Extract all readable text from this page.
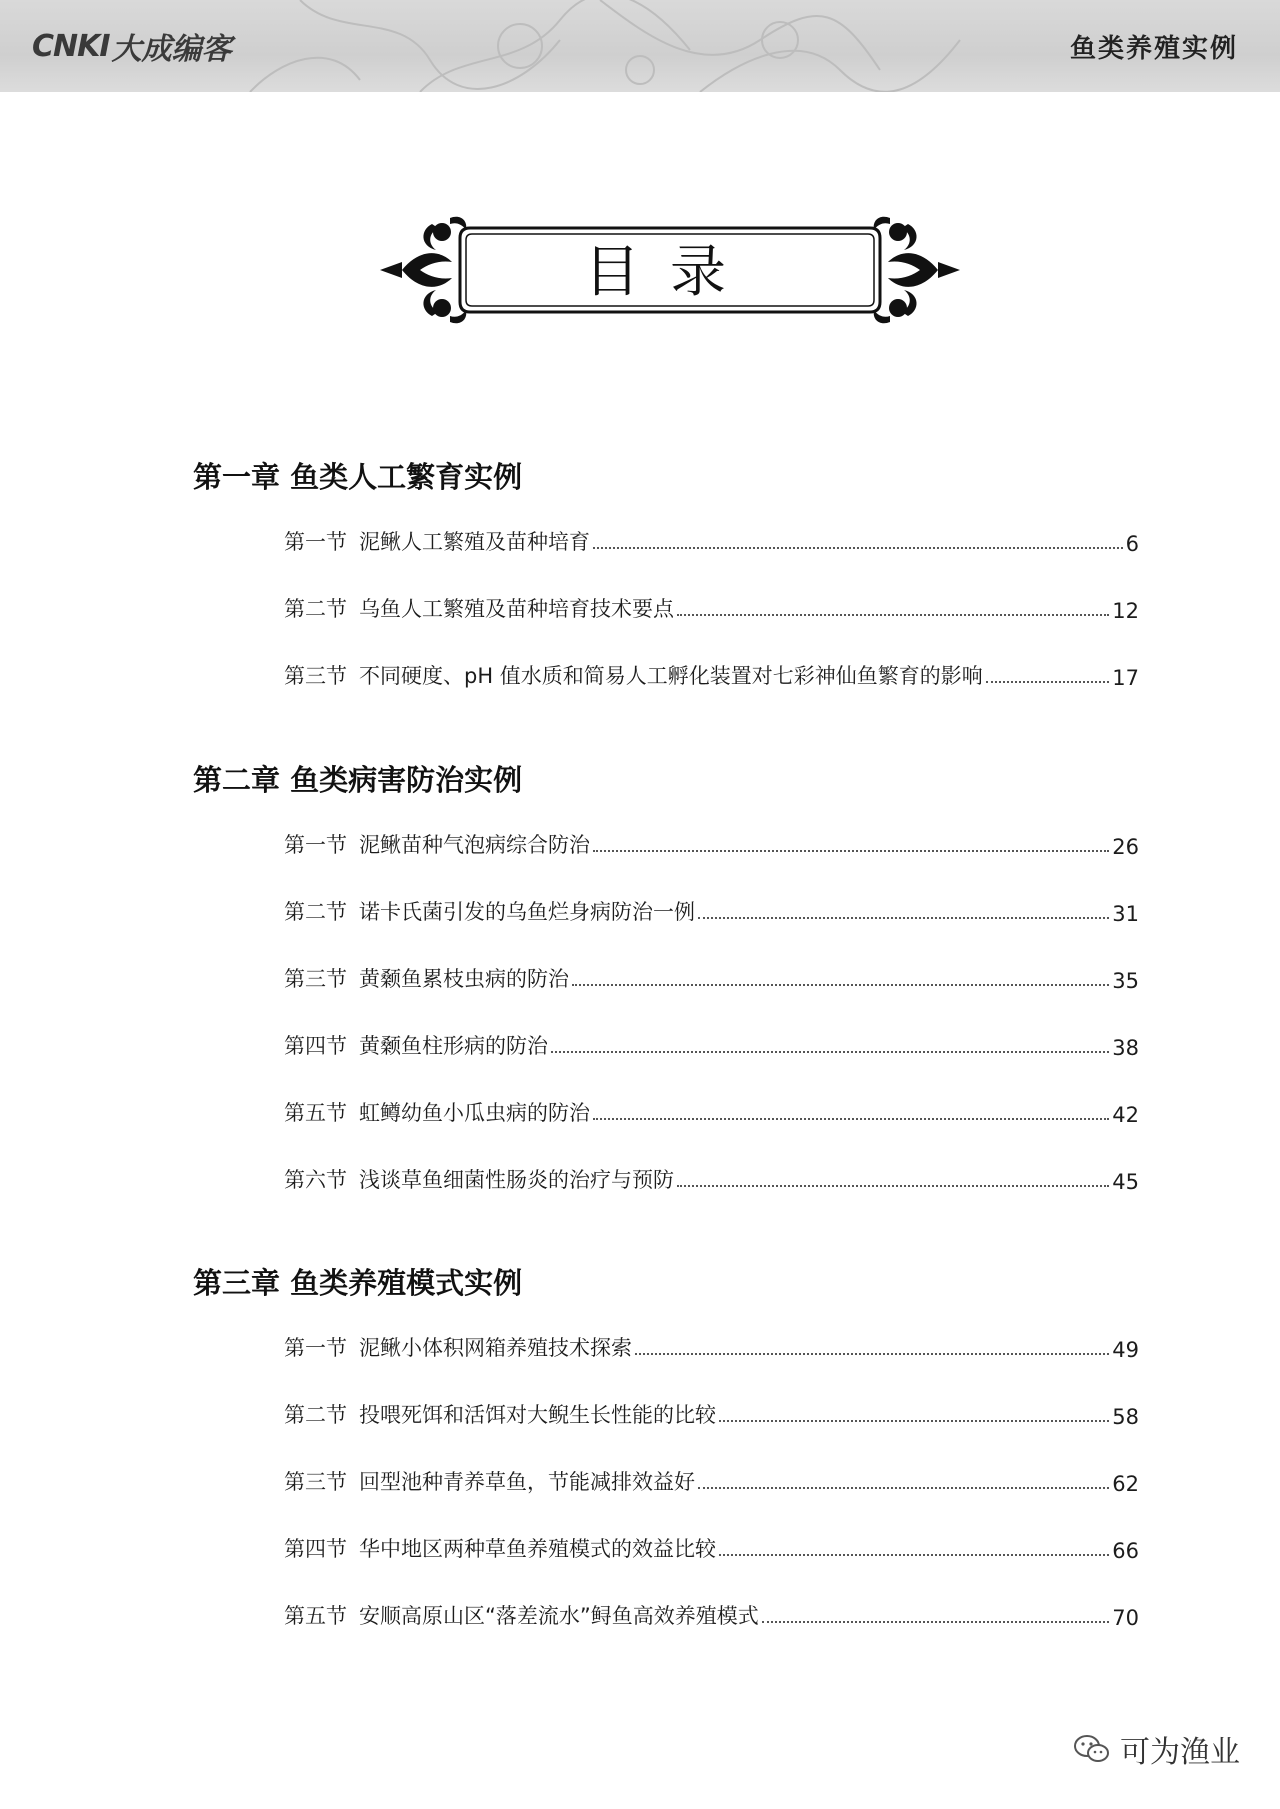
CNKI 大成编客	鱼类养殖实例
目录
第一章 鱼类人工繁育实例
第一节 泥鳅人工繁殖及苗种培育	6
第二节 乌鱼人工繁殖及苗种培育技术要点	12
第三节 不同硬度、pH 值水质和简易人工孵化装置对七彩神仙鱼繁育的影响	17
第二章 鱼类病害防治实例
第一节 泥鳅苗种气泡病综合防治	26
第二节 诺卡氏菌引发的乌鱼烂身病防治一例	31
第三节 黄颡鱼累枝虫病的防治	35
第四节 黄颡鱼柱形病的防治	38
第五节 虹鳟幼鱼小瓜虫病的防治	42
第六节 浅谈草鱼细菌性肠炎的治疗与预防	45
第三章 鱼类养殖模式实例
第一节 泥鳅小体积网箱养殖技术探索	49
第二节 投喂死饵和活饵对大鲵生长性能的比较	58
第三节 回型池种青养草鱼，节能减排效益好	62
第四节 华中地区两种草鱼养殖模式的效益比较	66
第五节 安顺高原山区“落差流水”鲟鱼高效养殖模式	70
可为渔业
